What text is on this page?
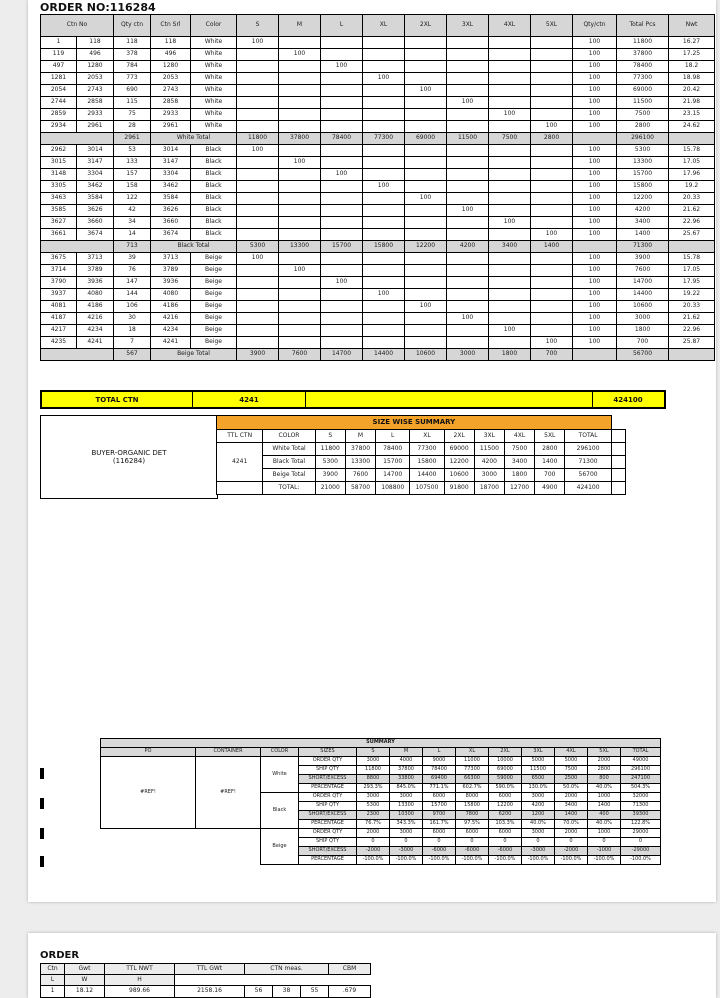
ORDER NO:116284
Ctn No		Qty ctn	Ctn Srl	Color	S	M	L	XL	2XL	3XL	4XL	5XL	Qty/ctn	Total Pcs	Nwt
1	118	118	118	White	100								100	11800	16.27
119	496	378	496	White		100							100	37800	17.25
497	1280	784	1280	White			100						100	78400	18.2
1281	2053	773	2053	White				100					100	77300	18.98
2054	2743	690	2743	White					100				100	69000	20.42
2744	2858	115	2858	White						100			100	11500	21.98
2859	2933	75	2933	White							100		100	7500	23.15
2934	2961	28	2961	White								100	100	2800	24.62
		2961	White Total		11800	37800	78400	77300	69000	11500	7500	2800		296100	
2962	3014	53	3014	Black	100								100	5300	15.78
3015	3147	133	3147	Black		100							100	13300	17.05
3148	3304	157	3304	Black			100						100	15700	17.96
3305	3462	158	3462	Black				100					100	15800	19.2
3463	3584	122	3584	Black					100				100	12200	20.33
3585	3626	42	3626	Black						100			100	4200	21.62
3627	3660	34	3660	Black							100		100	3400	22.96
3661	3674	14	3674	Black								100	100	1400	25.67
		713	Black Total		5300	13300	15700	15800	12200	4200	3400	1400		71300	
3675	3713	39	3713	Beige	100								100	3900	15.78
3714	3789	76	3789	Beige		100							100	7600	17.05
3790	3936	147	3936	Beige			100						100	14700	17.95
3937	4080	144	4080	Beige				100					100	14400	19.22
4081	4186	106	4186	Beige					100				100	10600	20.33
4187	4216	30	4216	Beige						100			100	3000	21.62
4217	4234	18	4234	Beige							100		100	1800	22.96
4235	4241	7	4241	Beige								100	100	700	25.87
		567	Beige Total		3900	7600	14700	14400	10600	3000	1800	700		56700	
TOTAL CTN	4241	424100
BUYER-ORGANIC DET
(116284)
SIZE WISE SUMMARY											
TTL CTN	COLOR	S	M	L	XL	2XL	3XL	4XL	5XL	TOTAL	
4241	White Total	11800	37800	78400	77300	69000	11500	7500	2800	296100	
	Black Total	5300	13300	15700	15800	12200	4200	3400	1400	71300	
	Beige Total	3900	7600	14700	14400	10600	3000	1800	700	56700	
	TOTAL:	21000	58700	108800	107500	91800	18700	12700	4900	424100	
SUMMARY												
PO	CONTAINER	COLOR	SIZES	S	M	L	XL	2XL	3XL	4XL	5XL	TOTAL
#REF!	#REF!	White	ORDER QTY	3000	4000	9000	11000	10000	5000	5000	2000	49000
			SHIP QTY	11800	37800	78400	77300	69000	11500	7500	2800	296100
			SHORT/EXCESS	8800	33800	69400	66300	59000	6500	2500	800	247100
			PERCENTAGE	293.3%	845.0%	771.1%	602.7%	590.0%	130.0%	50.0%	40.0%	504.3%
		Black	ORDER QTY	3000	3000	6000	8000	6000	3000	2000	1000	32000
			SHIP QTY	5300	13300	15700	15800	12200	4200	3400	1400	71300
			SHORT/EXCESS	2300	10300	9700	7800	6200	1200	1400	400	39300
			PERCENTAGE	76.7%	343.3%	161.7%	97.5%	103.3%	40.0%	70.0%	40.0%	122.8%
		Beige	ORDER QTY	2000	3000	6000	6000	6000	3000	2000	1000	29000
			SHIP QTY	0	0	0	0	0	0	0	0	0
			SHORT/EXCESS	-2000	-3000	-6000	-6000	-6000	-3000	-2000	-1000	-29000
			PERCENTAGE	-100.0%	-100.0%	-100.0%	-100.0%	-100.0%	-100.0%	-100.0%	-100.0%	-100.0%
ORDER
Ctn	Gwt	TTL NWT	TTL GWt	CTN meas.			CBM
L	W	H					
1	18.12	989.66	2158.16	56	38	55	.679
